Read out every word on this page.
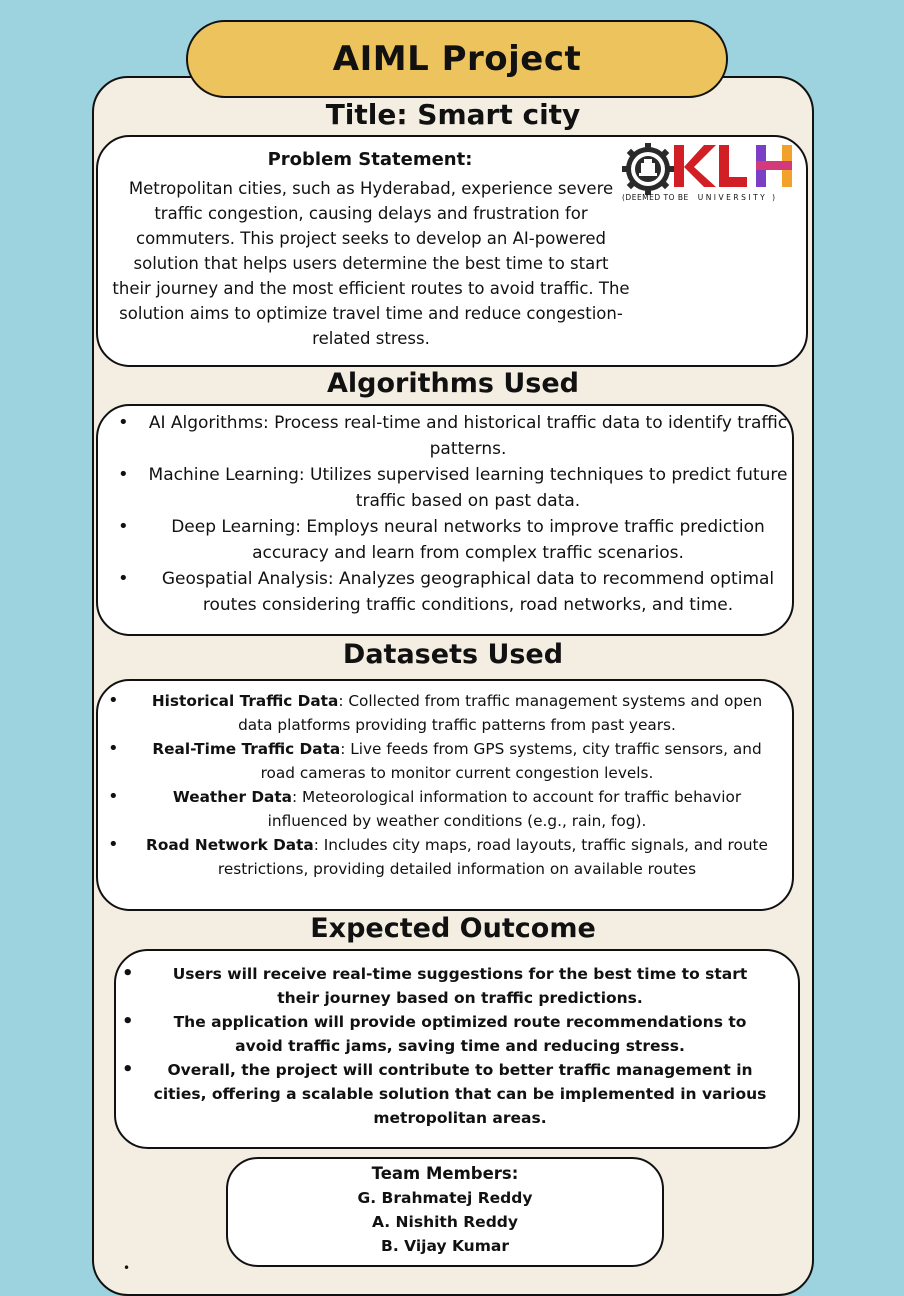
AIML Project
Title: Smart city
Problem Statement:
Metropolitan cities, such as Hyderabad, experience severe traffic congestion, causing delays and frustration for commuters. This project seeks to develop an AI-powered solution that helps users determine the best time to start their journey and the most efficient routes to avoid traffic. The solution aims to optimize travel time and reduce congestion-related stress.
(DEEMED TO BE UNIVERSITY )
Algorithms Used
• AI Algorithms: Process real-time and historical traffic data to identify traffic patterns.
• Machine Learning: Utilizes supervised learning techniques to predict future traffic based on past data.
• Deep Learning: Employs neural networks to improve traffic prediction accuracy and learn from complex traffic scenarios.
• Geospatial Analysis: Analyzes geographical data to recommend optimal routes considering traffic conditions, road networks, and time.
Datasets Used
• Historical Traffic Data: Collected from traffic management systems and open data platforms providing traffic patterns from past years.
• Real-Time Traffic Data: Live feeds from GPS systems, city traffic sensors, and road cameras to monitor current congestion levels.
• Weather Data: Meteorological information to account for traffic behavior influenced by weather conditions (e.g., rain, fog).
• Road Network Data: Includes city maps, road layouts, traffic signals, and route restrictions, providing detailed information on available routes
Expected Outcome
• Users will receive real-time suggestions for the best time to start their journey based on traffic predictions.
• The application will provide optimized route recommendations to avoid traffic jams, saving time and reducing stress.
• Overall, the project will contribute to better traffic management in cities, offering a scalable solution that can be implemented in various metropolitan areas.
Team Members:
G. Brahmatej Reddy
A. Nishith Reddy
B. Vijay Kumar
•
